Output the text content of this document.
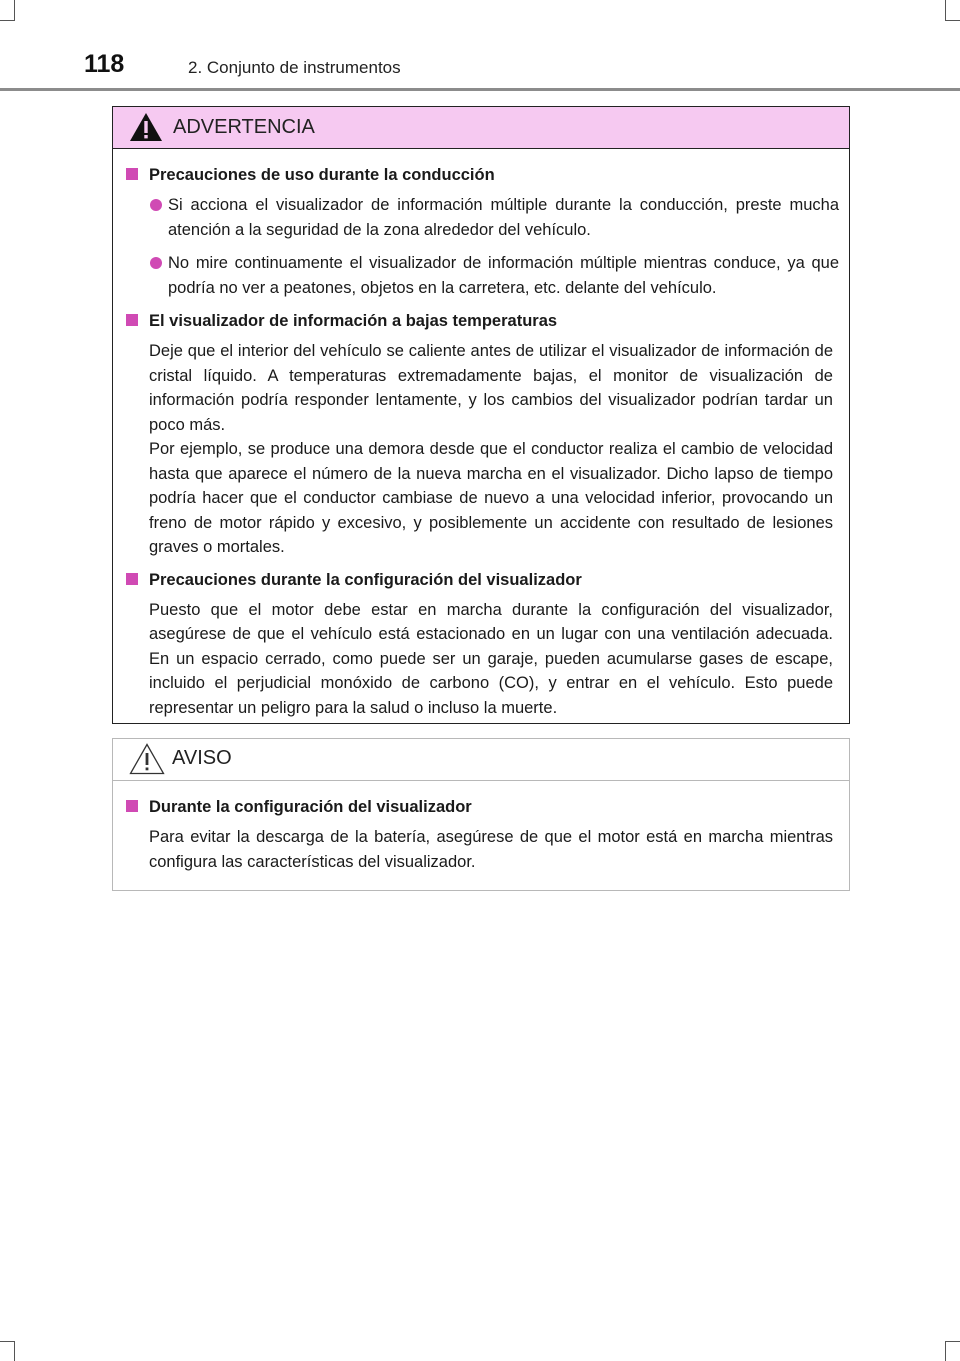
118	2. Conjunto de instrumentos
ADVERTENCIA
Precauciones de uso durante la conducción
Si acciona el visualizador de información múltiple durante la conducción, preste mucha atención a la seguridad de la zona alrededor del vehículo.
No mire continuamente el visualizador de información múltiple mientras conduce, ya que podría no ver a peatones, objetos en la carretera, etc. delante del vehículo.
El visualizador de información a bajas temperaturas

Deje que el interior del vehículo se caliente antes de utilizar el visualizador de información de cristal líquido. A temperaturas extremadamente bajas, el monitor de visualización de información podría responder lentamente, y los cambios del visualizador podrían tardar un poco más.

Por ejemplo, se produce una demora desde que el conductor realiza el cambio de velocidad hasta que aparece el número de la nueva marcha en el visualizador. Dicho lapso de tiempo podría hacer que el conductor cambiase de nuevo a una velocidad inferior, provocando un freno de motor rápido y excesivo, y posiblemente un accidente con resultado de lesiones graves o mortales.

Precauciones durante la configuración del visualizador

Puesto que el motor debe estar en marcha durante la configuración del visualizador, asegúrese de que el vehículo está estacionado en un lugar con una ventilación adecuada. En un espacio cerrado, como puede ser un garaje, pueden acumularse gases de escape, incluido el perjudicial monóxido de carbono (CO), y entrar en el vehículo. Esto puede representar un peligro para la salud o incluso la muerte.

AVISO
Durante la configuración del visualizador

Para evitar la descarga de la batería, asegúrese de que el motor está en marcha mientras configura las características del visualizador.
